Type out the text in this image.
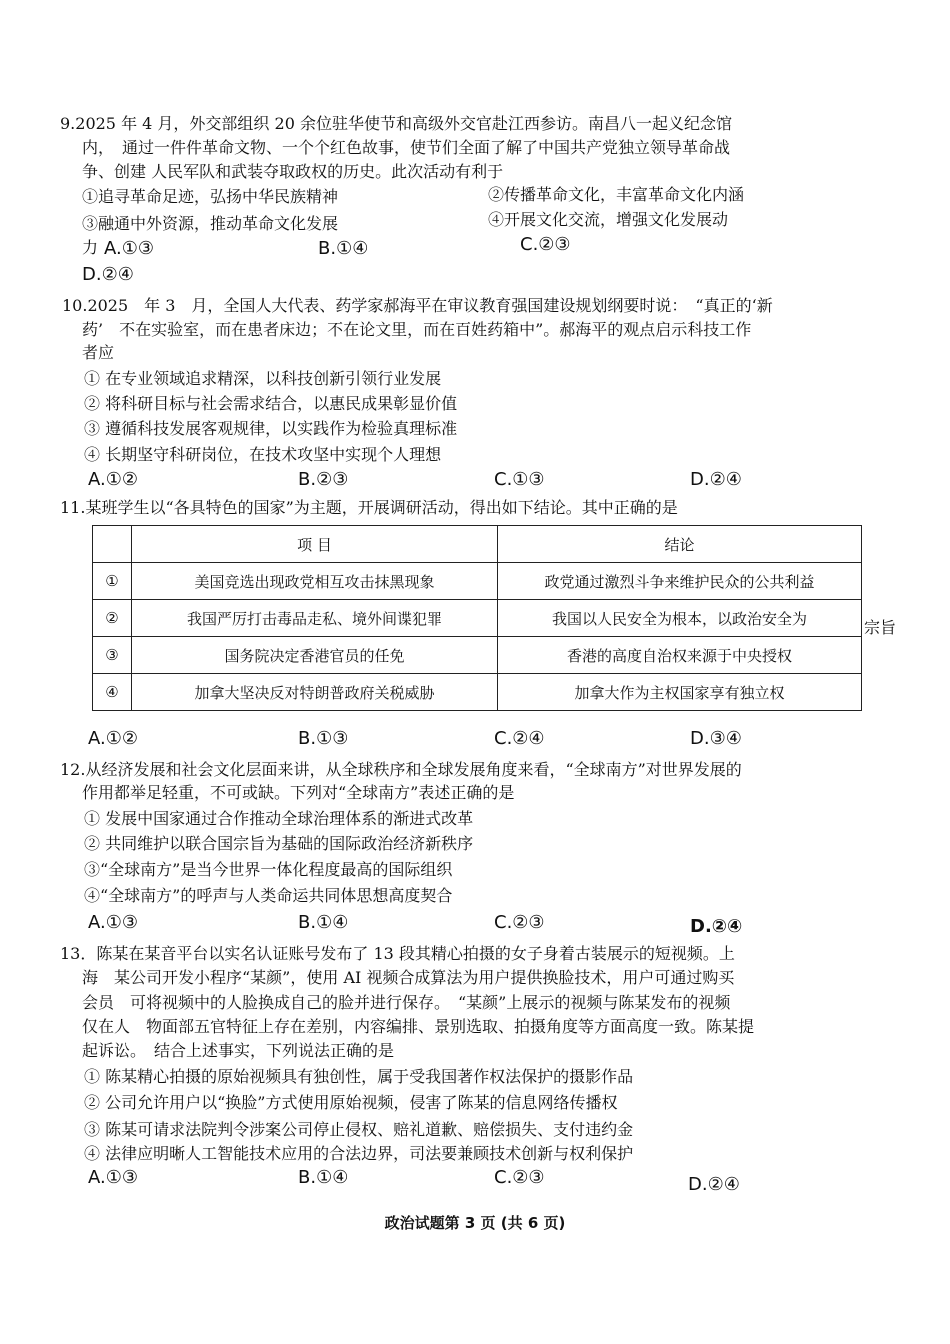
9.2025 年 4 月，外交部组织 20 余位驻华使节和高级外交官赴江西参访。南昌八一起义纪念馆
内，　通过一件件革命文物、一个个红色故事，使节们全面了解了中国共产党独立领导革命战
争、创建 人民军队和武装夺取政权的历史。此次活动有利于
①追寻革命足迹，弘扬中华民族精神	②传播革命文化，丰富革命文化内涵
③融通中外资源，推动革命文化发展	④开展文化交流，增强文化发展动
力 A.①③	B.①④	C.②③
D.②④
10.2025　年 3　月，全国人大代表、药学家郝海平在审议教育强国建设规划纲要时说：　“真正的‘新
药’　不在实验室，而在患者床边；不在论文里，而在百姓药箱中”。郝海平的观点启示科技工作
者应
① 在专业领域追求精深，以科技创新引领行业发展
② 将科研目标与社会需求结合，以惠民成果彰显价值
③ 遵循科技发展客观规律，以实践作为检验真理标准
④ 长期坚守科研岗位，在技术攻坚中实现个人理想
A.①②	B.②③	C.①③	D.②④
11.某班学生以“各具特色的国家”为主题，开展调研活动，得出如下结论。其中正确的是
	项 目	结论
①	美国竞选出现政党相互攻击抹黑现象	政党通过激烈斗争来维护民众的公共利益
②	我国严厉打击毒品走私、境外间谍犯罪	我国以人民安全为根本，以政治安全为
③	国务院决定香港官员的任免	香港的高度自治权来源于中央授权
④	加拿大坚决反对特朗普政府关税威胁	加拿大作为主权国家享有独立权
宗旨
A.①②	B.①③	C.②④	D.③④
12.从经济发展和社会文化层面来讲，从全球秩序和全球发展角度来看，“全球南方”对世界发展的
作用都举足轻重，不可或缺。下列对“全球南方”表述正确的是
① 发展中国家通过合作推动全球治理体系的渐进式改革
② 共同维护以联合国宗旨为基础的国际政治经济新秩序
③“全球南方”是当今世界一体化程度最高的国际组织
④“全球南方”的呼声与人类命运共同体思想高度契合
A.①③	B.①④	C.②③	D.②④
13．陈某在某音平台以实名认证账号发布了 13 段其精心拍摄的女子身着古装展示的短视频。上
海　某公司开发小程序“某颜”，使用 AI 视频合成算法为用户提供换脸技术，用户可通过购买
会员　可将视频中的人脸换成自己的脸并进行保存。　“某颜”上展示的视频与陈某发布的视频
仅在人　物面部五官特征上存在差别，内容编排、景别选取、拍摄角度等方面高度一致。陈某提
起诉讼。　结合上述事实，下列说法正确的是
① 陈某精心拍摄的原始视频具有独创性，属于受我国著作权法保护的摄影作品
② 公司允许用户以“换脸”方式使用原始视频，侵害了陈某的信息网络传播权
③ 陈某可请求法院判令涉案公司停止侵权、赔礼道歉、赔偿损失、支付违约金
④ 法律应明晰人工智能技术应用的合法边界，司法要兼顾技术创新与权利保护
A.①③	B.①④	C.②③	D.②④
政治试题第 3 页 (共 6 页)
